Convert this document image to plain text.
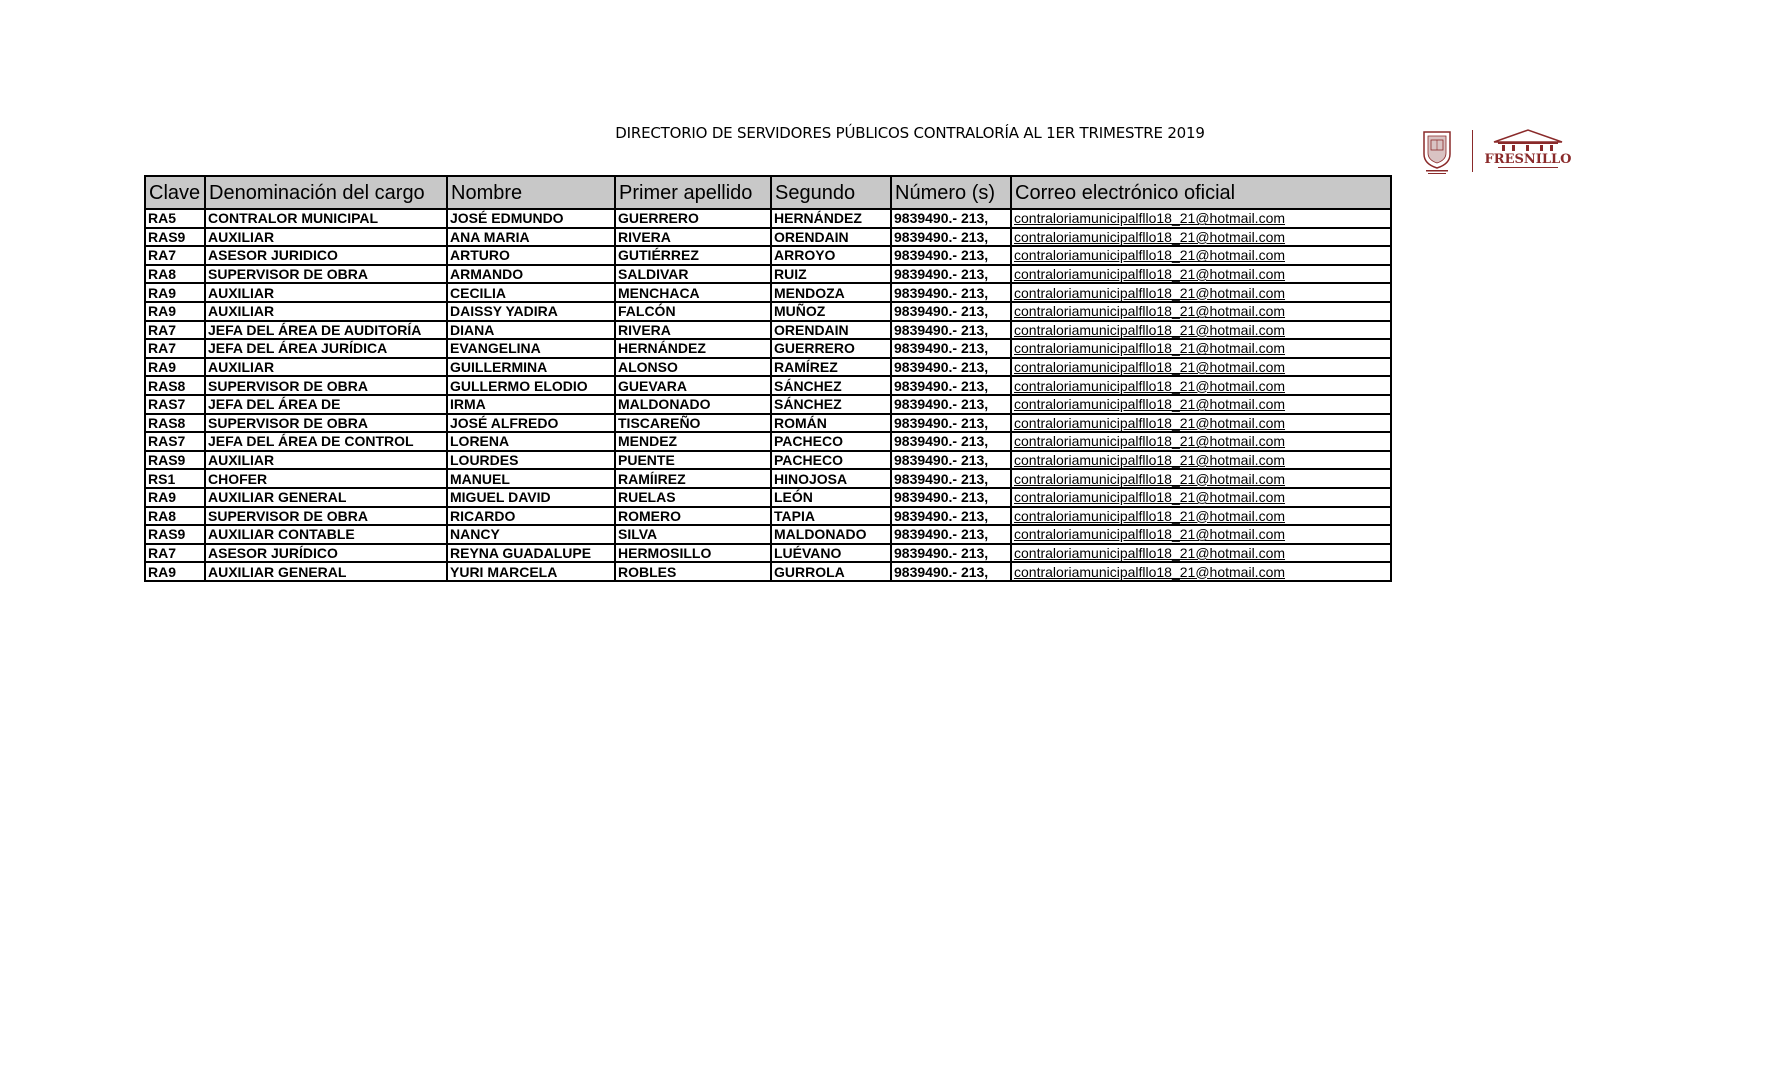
DIRECTORIO DE SERVIDORES PÚBLICOS CONTRALORÍA AL 1ER TRIMESTRE 2019
FRESNILLO
Clave	Denominación del cargo	Nombre	Primer apellido	Segundo	Número (s)	Correo electrónico oficial
RA5	CONTRALOR MUNICIPAL	JOSÉ EDMUNDO	GUERRERO	HERNÁNDEZ	9839490.- 213,	contraloriamunicipalfllo18_21@hotmail.com
RAS9	AUXILIAR	ANA MARIA	RIVERA	ORENDAIN	9839490.- 213,	contraloriamunicipalfllo18_21@hotmail.com
RA7	ASESOR JURIDICO	ARTURO	GUTIÉRREZ	ARROYO	9839490.- 213,	contraloriamunicipalfllo18_21@hotmail.com
RA8	SUPERVISOR DE OBRA	ARMANDO	SALDIVAR	RUIZ	9839490.- 213,	contraloriamunicipalfllo18_21@hotmail.com
RA9	AUXILIAR	CECILIA	MENCHACA	MENDOZA	9839490.- 213,	contraloriamunicipalfllo18_21@hotmail.com
RA9	AUXILIAR	DAISSY YADIRA	FALCÓN	MUÑOZ	9839490.- 213,	contraloriamunicipalfllo18_21@hotmail.com
RA7	JEFA DEL ÁREA DE AUDITORÍA	DIANA	RIVERA	ORENDAIN	9839490.- 213,	contraloriamunicipalfllo18_21@hotmail.com
RA7	JEFA DEL ÁREA JURÍDICA	EVANGELINA	HERNÁNDEZ	GUERRERO	9839490.- 213,	contraloriamunicipalfllo18_21@hotmail.com
RA9	AUXILIAR	GUILLERMINA	ALONSO	RAMÍREZ	9839490.- 213,	contraloriamunicipalfllo18_21@hotmail.com
RAS8	SUPERVISOR DE OBRA	GULLERMO ELODIO	GUEVARA	SÁNCHEZ	9839490.- 213,	contraloriamunicipalfllo18_21@hotmail.com
RAS7	JEFA DEL ÁREA DE	IRMA	MALDONADO	SÁNCHEZ	9839490.- 213,	contraloriamunicipalfllo18_21@hotmail.com
RAS8	SUPERVISOR DE OBRA	JOSÉ ALFREDO	TISCAREÑO	ROMÁN	9839490.- 213,	contraloriamunicipalfllo18_21@hotmail.com
RAS7	JEFA DEL ÁREA DE CONTROL	LORENA	MENDEZ	PACHECO	9839490.- 213,	contraloriamunicipalfllo18_21@hotmail.com
RAS9	AUXILIAR	LOURDES	PUENTE	PACHECO	9839490.- 213,	contraloriamunicipalfllo18_21@hotmail.com
RS1	CHOFER	MANUEL	RAMÍIREZ	HINOJOSA	9839490.- 213,	contraloriamunicipalfllo18_21@hotmail.com
RA9	AUXILIAR GENERAL	MIGUEL DAVID	RUELAS	LEÓN	9839490.- 213,	contraloriamunicipalfllo18_21@hotmail.com
RA8	SUPERVISOR DE OBRA	RICARDO	ROMERO	TAPIA	9839490.- 213,	contraloriamunicipalfllo18_21@hotmail.com
RAS9	AUXILIAR CONTABLE	NANCY	SILVA	MALDONADO	9839490.- 213,	contraloriamunicipalfllo18_21@hotmail.com
RA7	ASESOR JURÍDICO	REYNA GUADALUPE	HERMOSILLO	LUÉVANO	9839490.- 213,	contraloriamunicipalfllo18_21@hotmail.com
RA9	AUXILIAR GENERAL	YURI MARCELA	ROBLES	GURROLA	9839490.- 213,	contraloriamunicipalfllo18_21@hotmail.com
